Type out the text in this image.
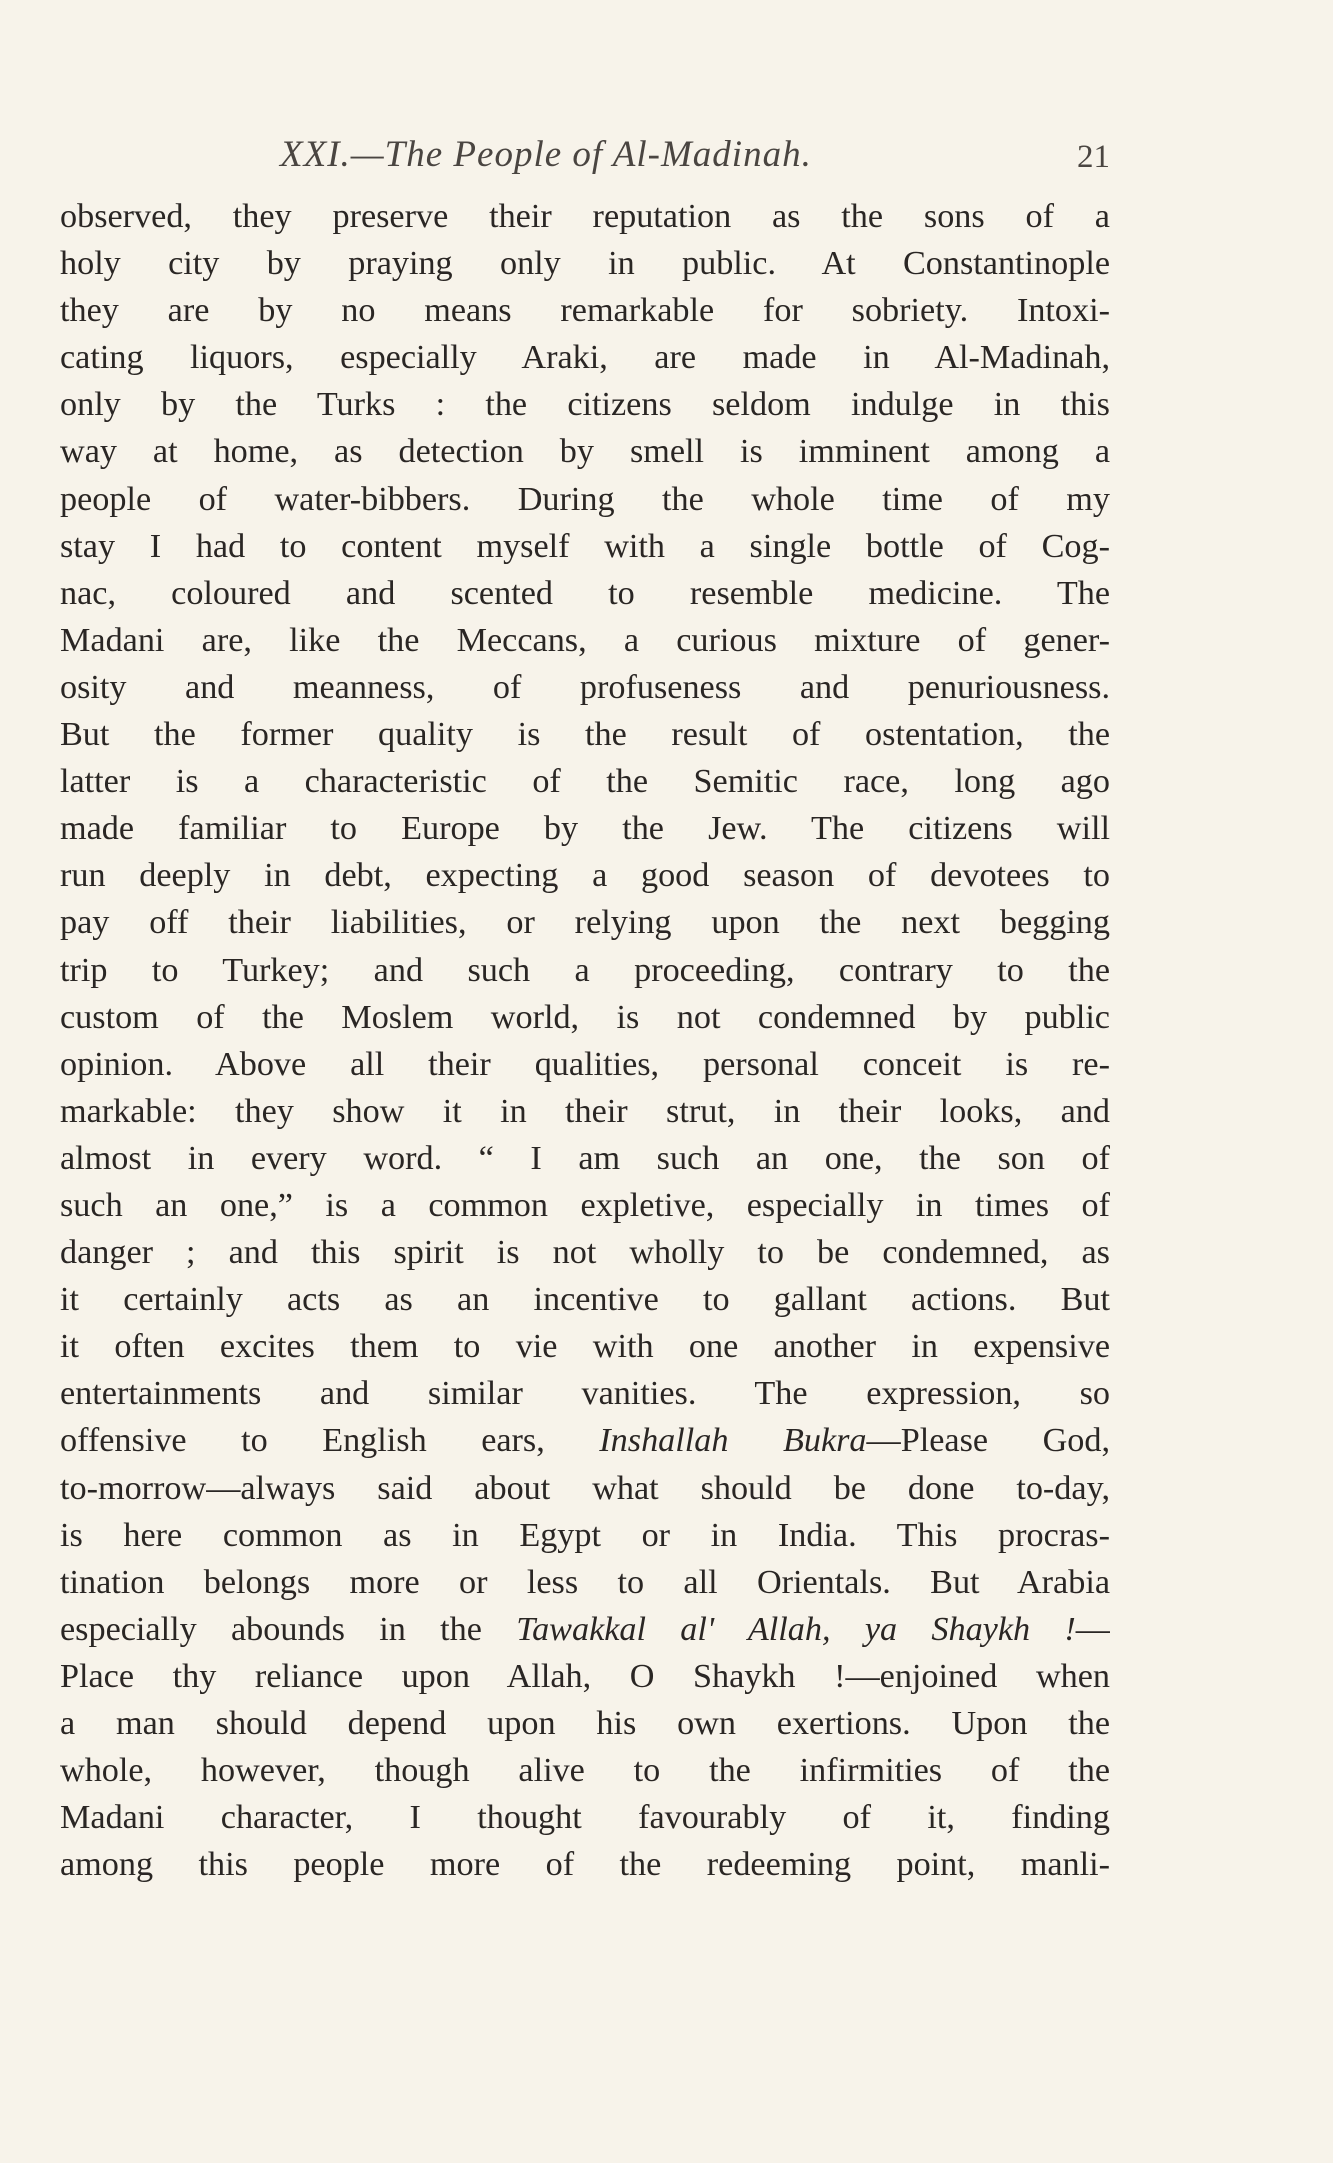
XXI.—The People of Al-Madinah.	21
observed, they preserve their reputation as the sons of a
holy city by praying only in public. At Constantinople
they are by no means remarkable for sobriety. Intoxi-
cating liquors, especially Araki, are made in Al-Madinah,
only by the Turks : the citizens seldom indulge in this
way at home, as detection by smell is imminent among a
people of water-bibbers. During the whole time of my
stay I had to content myself with a single bottle of Cog-
nac, coloured and scented to resemble medicine. The
Madani are, like the Meccans, a curious mixture of gener-
osity and meanness, of profuseness and penuriousness.
But the former quality is the result of ostentation, the
latter is a characteristic of the Semitic race, long ago
made familiar to Europe by the Jew. The citizens will
run deeply in debt, expecting a good season of devotees to
pay off their liabilities, or relying upon the next begging
trip to Turkey; and such a proceeding, contrary to the
custom of the Moslem world, is not condemned by public
opinion. Above all their qualities, personal conceit is re-
markable: they show it in their strut, in their looks, and
almost in every word. “ I am such an one, the son of
such an one,” is a common expletive, especially in times of
danger ; and this spirit is not wholly to be condemned, as
it certainly acts as an incentive to gallant actions. But
it often excites them to vie with one another in expensive
entertainments and similar vanities. The expression, so
offensive to English ears, Inshallah Bukra—Please God,
to-morrow—always said about what should be done to-day,
is here common as in Egypt or in India. This procras-
tination belongs more or less to all Orientals. But Arabia
especially abounds in the Tawakkal al' Allah, ya Shaykh !—
Place thy reliance upon Allah, O Shaykh !—enjoined when
a man should depend upon his own exertions. Upon the
whole, however, though alive to the infirmities of the
Madani character, I thought favourably of it, finding
among this people more of the redeeming point, manli-
